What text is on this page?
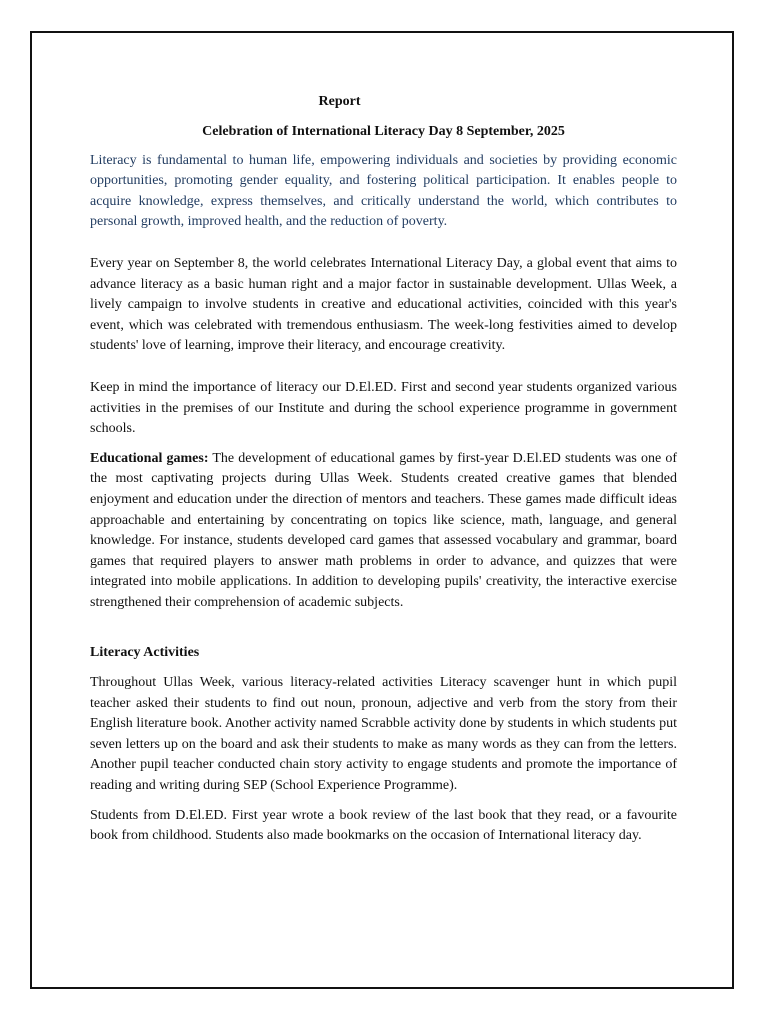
Report
Celebration of International Literacy Day 8 September, 2025

Literacy is fundamental to human life, empowering individuals and societies by providing economic opportunities, promoting gender equality, and fostering political participation. It enables people to acquire knowledge, express themselves, and critically understand the world, which contributes to personal growth, improved health, and the reduction of poverty.

Every year on September 8, the world celebrates International Literacy Day, a global event that aims to advance literacy as a basic human right and a major factor in sustainable development. Ullas Week, a lively campaign to involve students in creative and educational activities, coincided with this year's event, which was celebrated with tremendous enthusiasm. The week-long festivities aimed to develop students' love of learning, improve their literacy, and encourage creativity.

Keep in mind the importance of literacy our D.El.ED. First and second year students organized various activities in the premises of our Institute and during the school experience programme in government schools.

Educational games: The development of educational games by first-year D.El.ED students was one of the most captivating projects during Ullas Week. Students created creative games that blended enjoyment and education under the direction of mentors and teachers. These games made difficult ideas approachable and entertaining by concentrating on topics like science, math, language, and general knowledge. For instance, students developed card games that assessed vocabulary and grammar, board games that required players to answer math problems in order to advance, and quizzes that were integrated into mobile applications. In addition to developing pupils' creativity, the interactive exercise strengthened their comprehension of academic subjects.

Literacy Activities

Throughout Ullas Week, various literacy-related activities Literacy scavenger hunt in which pupil teacher asked their students to find out noun, pronoun, adjective and verb from the story from their English literature book. Another activity named Scrabble activity done by students in which students put seven letters up on the board and ask their students to make as many words as they can from the letters. Another pupil teacher conducted chain story activity to engage students and promote the importance of reading and writing during SEP (School Experience Programme).

Students from D.El.ED. First year wrote a book review of the last book that they read, or a favourite book from childhood. Students also made bookmarks on the occasion of International literacy day.
